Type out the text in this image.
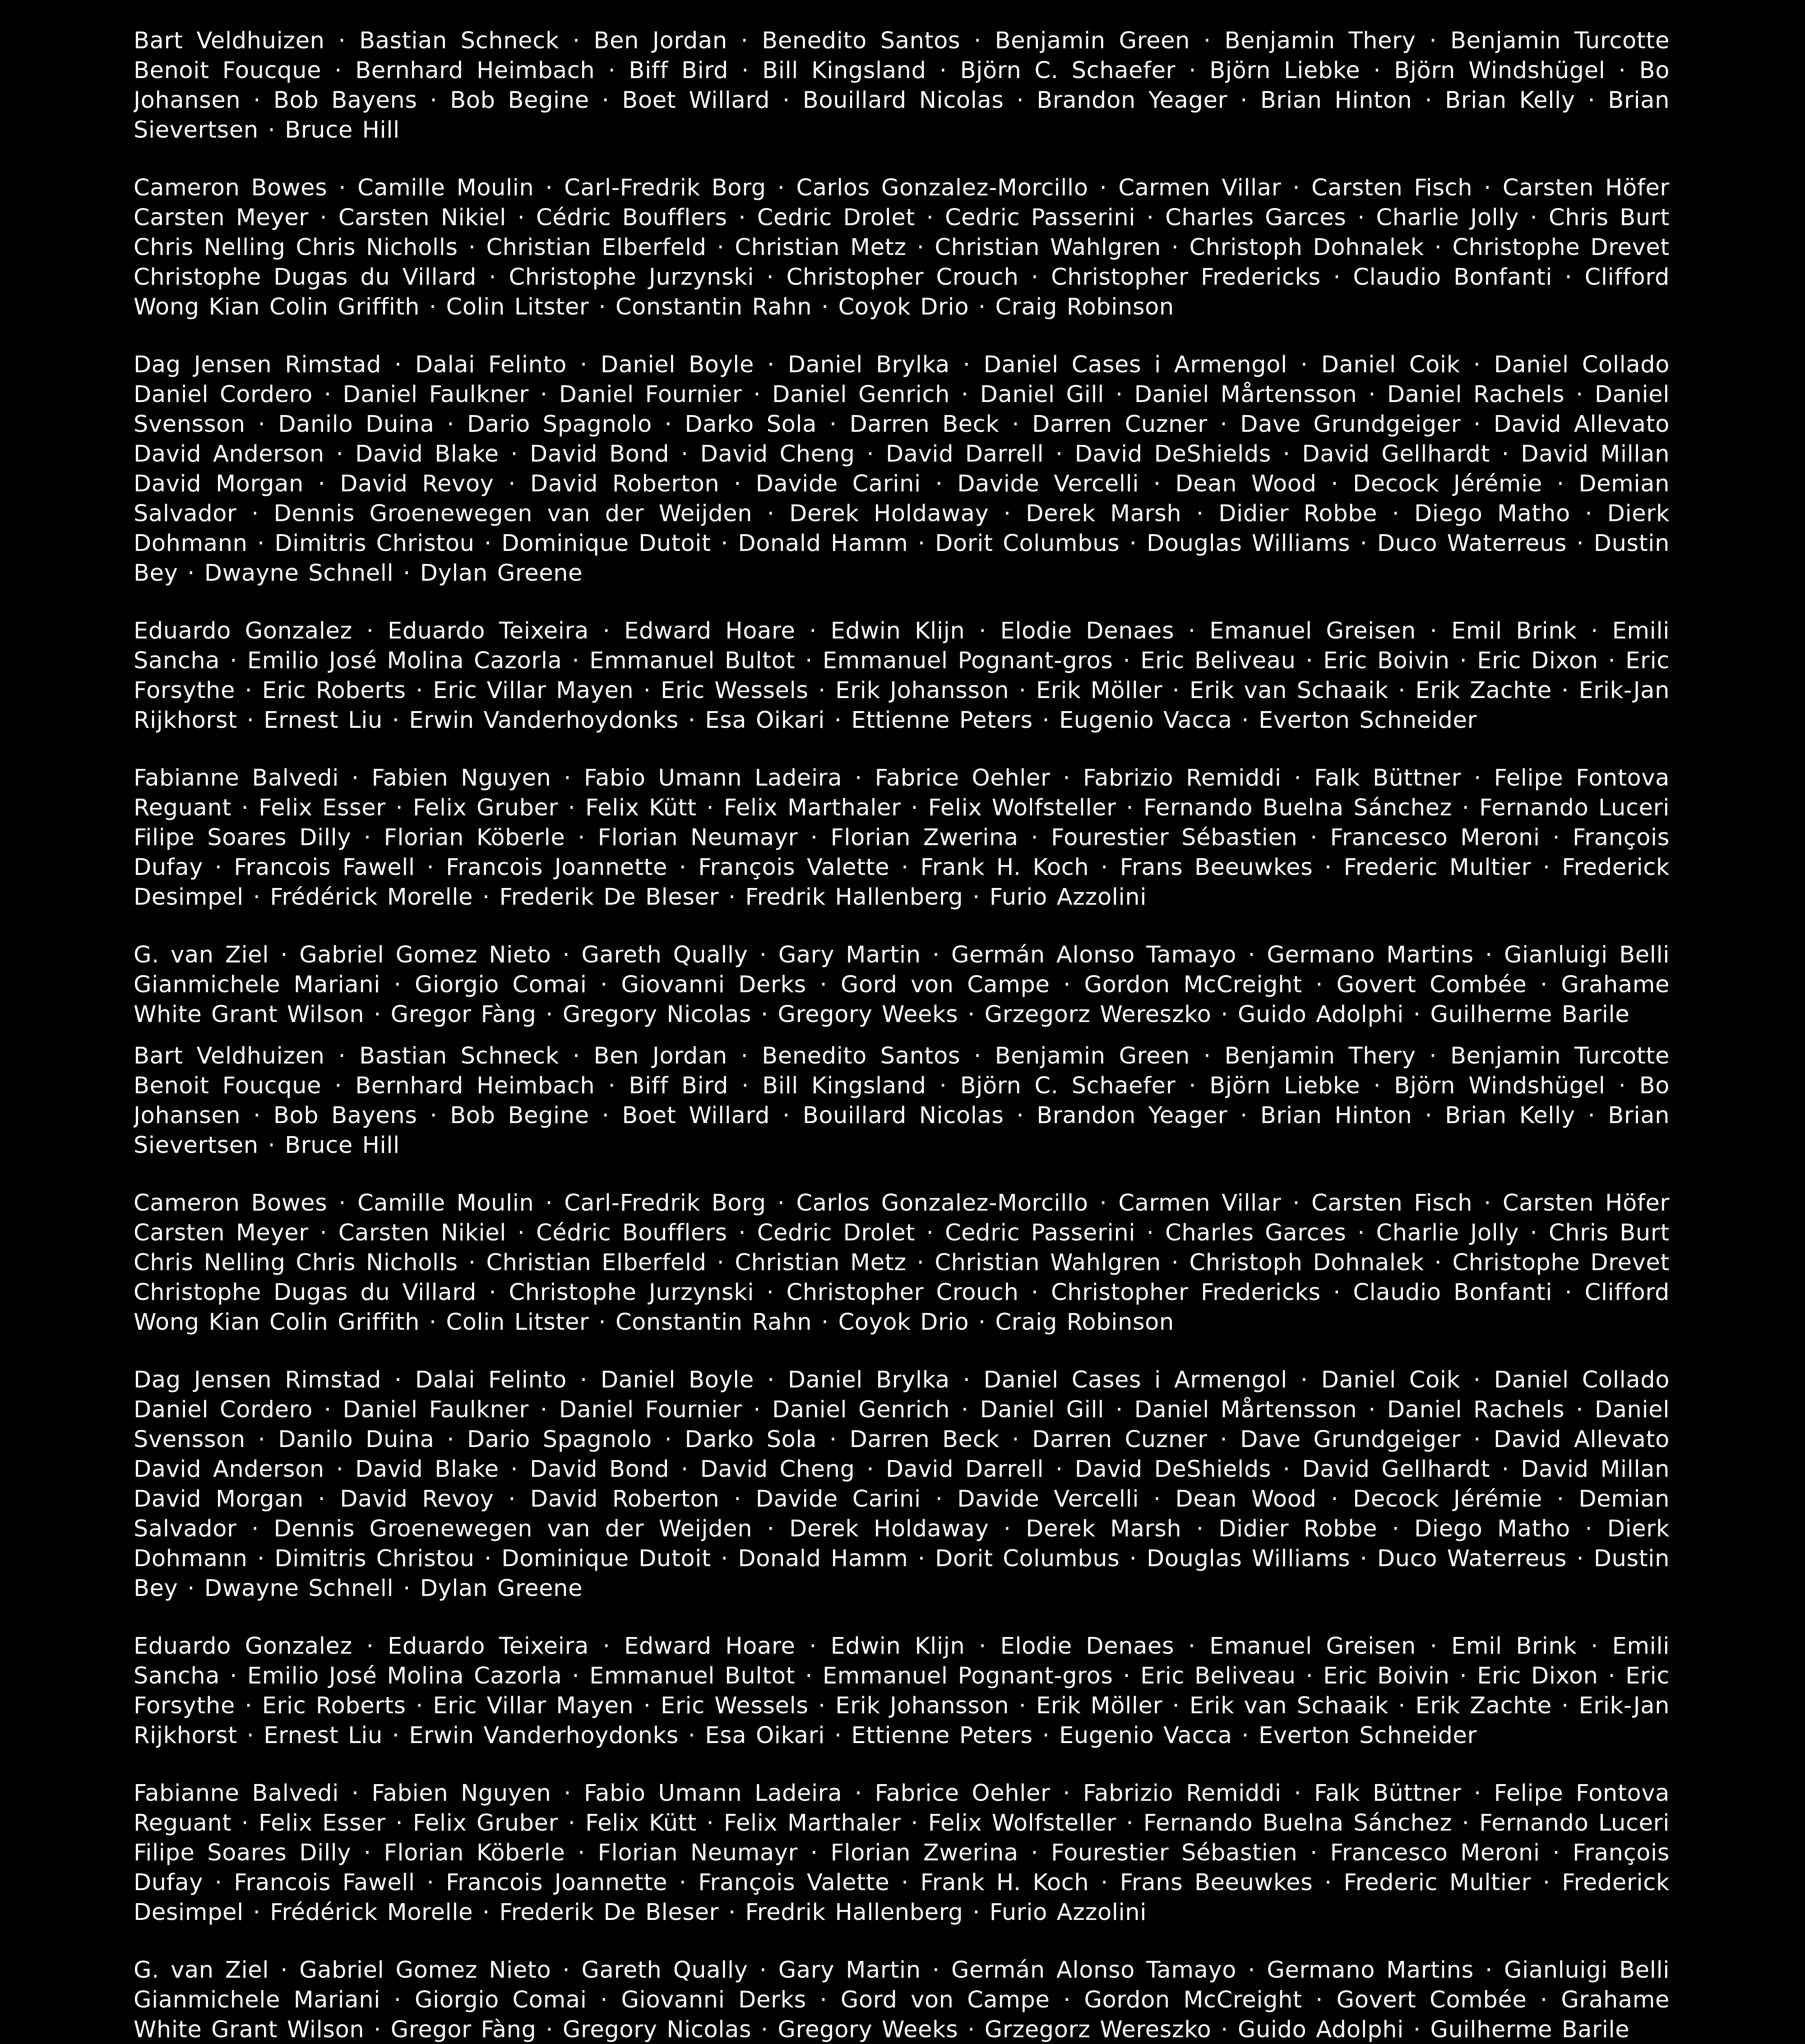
Bart Veldhuizen · Bastian Schneck · Ben Jordan · Benedito Santos · Benjamin Green · Benjamin Thery · Benjamin Turcotte Benoit Foucque · Bernhard Heimbach · Biff Bird · Bill Kingsland · Björn C. Schaefer · Björn Liebke · Björn Windshügel · Bo Johansen · Bob Bayens · Bob Begine · Boet Willard · Bouillard Nicolas · Brandon Yeager · Brian Hinton · Brian Kelly · Brian Sievertsen · Bruce Hill

Cameron Bowes · Camille Moulin · Carl-Fredrik Borg · Carlos Gonzalez-Morcillo · Carmen Villar · Carsten Fisch · Carsten Höfer Carsten Meyer · Carsten Nikiel · Cédric Boufflers · Cedric Drolet · Cedric Passerini · Charles Garces · Charlie Jolly · Chris Burt Chris Nelling Chris Nicholls · Christian Elberfeld · Christian Metz · Christian Wahlgren · Christoph Dohnalek · Christophe Drevet Christophe Dugas du Villard · Christophe Jurzynski · Christopher Crouch · Christopher Fredericks · Claudio Bonfanti · Clifford Wong Kian Colin Griffith · Colin Litster · Constantin Rahn · Coyok Drio · Craig Robinson

Dag Jensen Rimstad · Dalai Felinto · Daniel Boyle · Daniel Brylka · Daniel Cases i Armengol · Daniel Coik · Daniel Collado Daniel Cordero · Daniel Faulkner · Daniel Fournier · Daniel Genrich · Daniel Gill · Daniel Mårtensson · Daniel Rachels · Daniel Svensson · Danilo Duina · Dario Spagnolo · Darko Sola · Darren Beck · Darren Cuzner · Dave Grundgeiger · David Allevato David Anderson · David Blake · David Bond · David Cheng · David Darrell · David DeShields · David Gellhardt · David Millan David Morgan · David Revoy · David Roberton · Davide Carini · Davide Vercelli · Dean Wood · Decock Jérémie · Demian Salvador · Dennis Groenewegen van der Weijden · Derek Holdaway · Derek Marsh · Didier Robbe · Diego Matho · Dierk Dohmann · Dimitris Christou · Dominique Dutoit · Donald Hamm · Dorit Columbus · Douglas Williams · Duco Waterreus · Dustin Bey · Dwayne Schnell · Dylan Greene

Eduardo Gonzalez · Eduardo Teixeira · Edward Hoare · Edwin Klijn · Elodie Denaes · Emanuel Greisen · Emil Brink · Emili Sancha · Emilio José Molina Cazorla · Emmanuel Bultot · Emmanuel Pognant-gros · Eric Beliveau · Eric Boivin · Eric Dixon · Eric Forsythe · Eric Roberts · Eric Villar Mayen · Eric Wessels · Erik Johansson · Erik Möller · Erik van Schaaik · Erik Zachte · Erik-Jan Rijkhorst · Ernest Liu · Erwin Vanderhoydonks · Esa Oikari · Ettienne Peters · Eugenio Vacca · Everton Schneider

Fabianne Balvedi · Fabien Nguyen · Fabio Umann Ladeira · Fabrice Oehler · Fabrizio Remiddi · Falk Büttner · Felipe Fontova Reguant · Felix Esser · Felix Gruber · Felix Kütt · Felix Marthaler · Felix Wolfsteller · Fernando Buelna Sánchez · Fernando Luceri Filipe Soares Dilly · Florian Köberle · Florian Neumayr · Florian Zwerina · Fourestier Sébastien · Francesco Meroni · François Dufay · Francois Fawell · Francois Joannette · François Valette · Frank H. Koch · Frans Beeuwkes · Frederic Multier · Frederick Desimpel · Frédérick Morelle · Frederik De Bleser · Fredrik Hallenberg · Furio Azzolini

G. van Ziel · Gabriel Gomez Nieto · Gareth Qually · Gary Martin · Germán Alonso Tamayo · Germano Martins · Gianluigi Belli Gianmichele Mariani · Giorgio Comai · Giovanni Derks · Gord von Campe · Gordon McCreight · Govert Combée · Grahame White Grant Wilson · Gregor Fàng · Gregory Nicolas · Gregory Weeks · Grzegorz Wereszko · Guido Adolphi · Guilherme Barile

Bart Veldhuizen · Bastian Schneck · Ben Jordan · Benedito Santos · Benjamin Green · Benjamin Thery · Benjamin Turcotte Benoit Foucque · Bernhard Heimbach · Biff Bird · Bill Kingsland · Björn C. Schaefer · Björn Liebke · Björn Windshügel · Bo Johansen · Bob Bayens · Bob Begine · Boet Willard · Bouillard Nicolas · Brandon Yeager · Brian Hinton · Brian Kelly · Brian Sievertsen · Bruce Hill

Cameron Bowes · Camille Moulin · Carl-Fredrik Borg · Carlos Gonzalez-Morcillo · Carmen Villar · Carsten Fisch · Carsten Höfer Carsten Meyer · Carsten Nikiel · Cédric Boufflers · Cedric Drolet · Cedric Passerini · Charles Garces · Charlie Jolly · Chris Burt Chris Nelling Chris Nicholls · Christian Elberfeld · Christian Metz · Christian Wahlgren · Christoph Dohnalek · Christophe Drevet Christophe Dugas du Villard · Christophe Jurzynski · Christopher Crouch · Christopher Fredericks · Claudio Bonfanti · Clifford Wong Kian Colin Griffith · Colin Litster · Constantin Rahn · Coyok Drio · Craig Robinson

Dag Jensen Rimstad · Dalai Felinto · Daniel Boyle · Daniel Brylka · Daniel Cases i Armengol · Daniel Coik · Daniel Collado Daniel Cordero · Daniel Faulkner · Daniel Fournier · Daniel Genrich · Daniel Gill · Daniel Mårtensson · Daniel Rachels · Daniel Svensson · Danilo Duina · Dario Spagnolo · Darko Sola · Darren Beck · Darren Cuzner · Dave Grundgeiger · David Allevato David Anderson · David Blake · David Bond · David Cheng · David Darrell · David DeShields · David Gellhardt · David Millan David Morgan · David Revoy · David Roberton · Davide Carini · Davide Vercelli · Dean Wood · Decock Jérémie · Demian Salvador · Dennis Groenewegen van der Weijden · Derek Holdaway · Derek Marsh · Didier Robbe · Diego Matho · Dierk Dohmann · Dimitris Christou · Dominique Dutoit · Donald Hamm · Dorit Columbus · Douglas Williams · Duco Waterreus · Dustin Bey · Dwayne Schnell · Dylan Greene

Eduardo Gonzalez · Eduardo Teixeira · Edward Hoare · Edwin Klijn · Elodie Denaes · Emanuel Greisen · Emil Brink · Emili Sancha · Emilio José Molina Cazorla · Emmanuel Bultot · Emmanuel Pognant-gros · Eric Beliveau · Eric Boivin · Eric Dixon · Eric Forsythe · Eric Roberts · Eric Villar Mayen · Eric Wessels · Erik Johansson · Erik Möller · Erik van Schaaik · Erik Zachte · Erik-Jan Rijkhorst · Ernest Liu · Erwin Vanderhoydonks · Esa Oikari · Ettienne Peters · Eugenio Vacca · Everton Schneider

Fabianne Balvedi · Fabien Nguyen · Fabio Umann Ladeira · Fabrice Oehler · Fabrizio Remiddi · Falk Büttner · Felipe Fontova Reguant · Felix Esser · Felix Gruber · Felix Kütt · Felix Marthaler · Felix Wolfsteller · Fernando Buelna Sánchez · Fernando Luceri Filipe Soares Dilly · Florian Köberle · Florian Neumayr · Florian Zwerina · Fourestier Sébastien · Francesco Meroni · François Dufay · Francois Fawell · Francois Joannette · François Valette · Frank H. Koch · Frans Beeuwkes · Frederic Multier · Frederick Desimpel · Frédérick Morelle · Frederik De Bleser · Fredrik Hallenberg · Furio Azzolini

G. van Ziel · Gabriel Gomez Nieto · Gareth Qually · Gary Martin · Germán Alonso Tamayo · Germano Martins · Gianluigi Belli Gianmichele Mariani · Giorgio Comai · Giovanni Derks · Gord von Campe · Gordon McCreight · Govert Combée · Grahame White Grant Wilson · Gregor Fàng · Gregory Nicolas · Gregory Weeks · Grzegorz Wereszko · Guido Adolphi · Guilherme Barile
